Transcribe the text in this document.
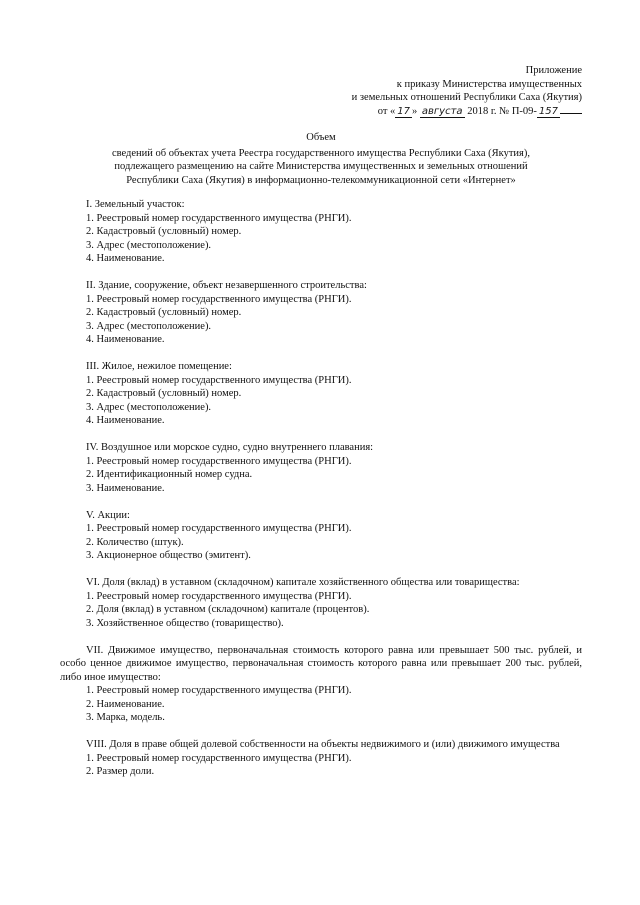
Приложение
к приказу Министерства имущественных
и земельных отношений Республики Саха (Якутия)
от « 17 » августа 2018 г. № П-09- 157
Объем
сведений об объектах учета Реестра государственного имущества Республики Саха (Якутия),
подлежащего размещению на сайте Министерства имущественных и земельных отношений
Республики Саха (Якутия) в информационно-телекоммуникационной сети «Интернет»

I. Земельный участок:

1. Реестровый номер государственного имущества (РНГИ).

2. Кадастровый (условный) номер.

3. Адрес (местоположение).

4. Наименование.

II. Здание, сооружение, объект незавершенного строительства:

1. Реестровый номер государственного имущества (РНГИ).

2. Кадастровый (условный) номер.

3. Адрес (местоположение).

4. Наименование.

III. Жилое, нежилое помещение:

1. Реестровый номер государственного имущества (РНГИ).

2. Кадастровый (условный) номер.

3. Адрес (местоположение).

4. Наименование.

IV. Воздушное или морское судно, судно внутреннего плавания:

1. Реестровый номер государственного имущества (РНГИ).

2. Идентификационный номер судна.

3. Наименование.

V. Акции:

1. Реестровый номер государственного имущества (РНГИ).

2. Количество (штук).

3. Акционерное общество (эмитент).

VI. Доля (вклад) в уставном (складочном) капитале хозяйственного общества или товарищества:

1. Реестровый номер государственного имущества (РНГИ).

2. Доля (вклад) в уставном (складочном) капитале (процентов).

3. Хозяйственное общество (товарищество).

VII. Движимое имущество, первоначальная стоимость которого равна или превышает 500 тыс. рублей, и особо ценное движимое имущество, первоначальная стоимость которого равна или превышает 200 тыс. рублей, либо иное имущество:

1. Реестровый номер государственного имущества (РНГИ).

2. Наименование.

3. Марка, модель.

VIII. Доля в праве общей долевой собственности на объекты недвижимого и (или) движимого имущества

1. Реестровый номер государственного имущества (РНГИ).

2. Размер доли.
